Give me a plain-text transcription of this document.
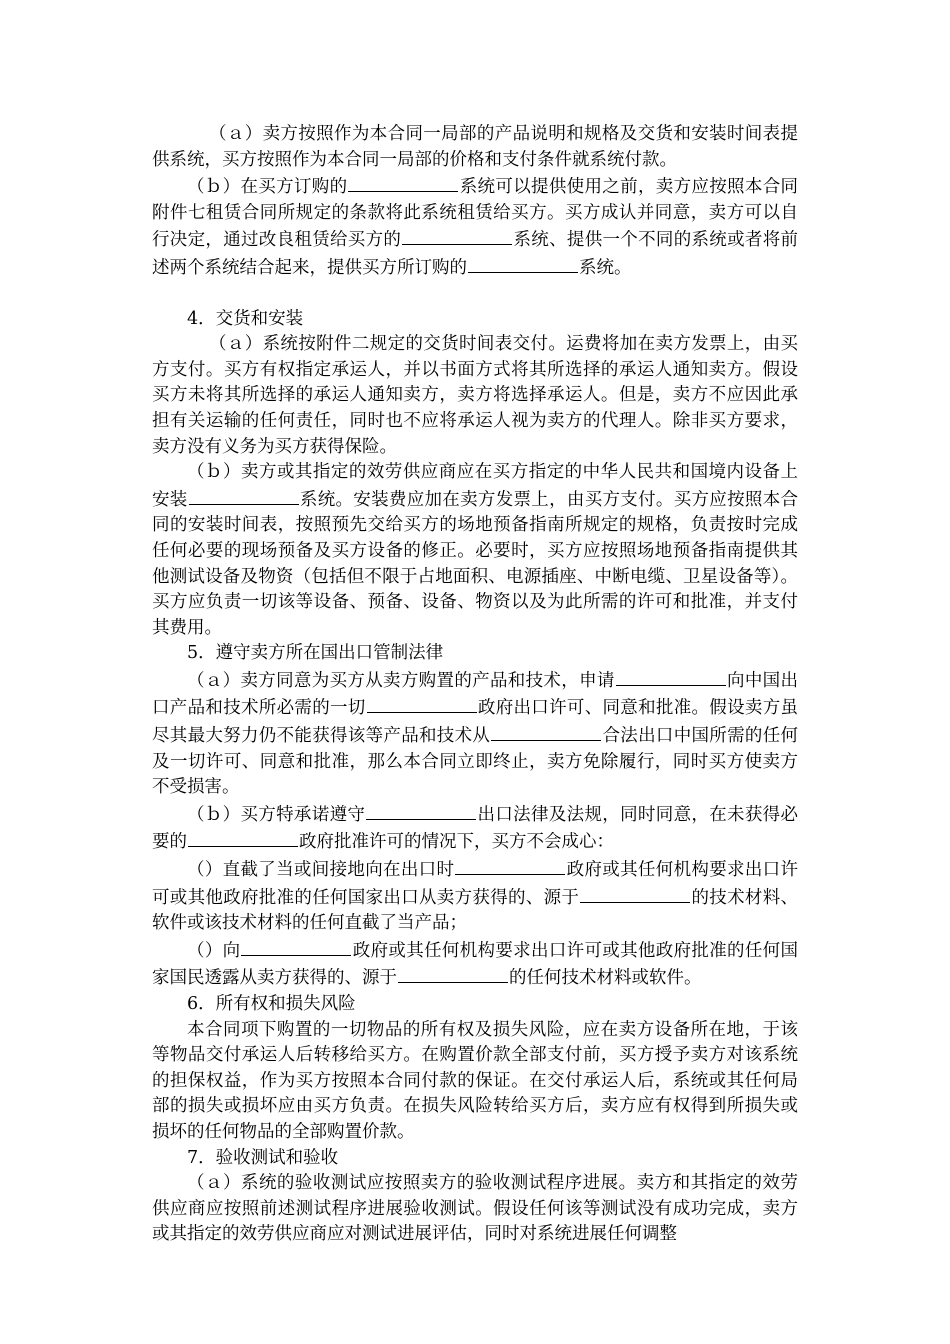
（ａ）卖方按照作为本合同一局部的产品说明和规格及交货和安装时间表提供系统，买方按照作为本合同一局部的价格和支付条件就系统付款。

（ｂ）在买方订购的	系统可以提供使用之前，卖方应按照本合同附件七租赁合同所规定的条款将此系统租赁给买方。买方成认并同意，卖方可以自行决定，通过改良租赁给买方的	系统、提供一个不同的系统或者将前述两个系统结合起来，提供买方所订购的	系统。

4．交货和安装

（ａ）系统按附件二规定的交货时间表交付。运费将加在卖方发票上，由买方支付。买方有权指定承运人，并以书面方式将其所选择的承运人通知卖方。假设买方未将其所选择的承运人通知卖方，卖方将选择承运人。但是，卖方不应因此承担有关运输的任何责任，同时也不应将承运人视为卖方的代理人。除非买方要求，卖方没有义务为买方获得保险。

（ｂ）卖方或其指定的效劳供应商应在买方指定的中华人民共和国境内设备上安装	系统。安装费应加在卖方发票上，由买方支付。买方应按照本合同的安装时间表，按照预先交给买方的场地预备指南所规定的规格，负责按时完成任何必要的现场预备及买方设备的修正。必要时，买方应按照场地预备指南提供其他测试设备及物资（包括但不限于占地面积、电源插座、中断电缆、卫星设备等）。买方应负责一切该等设备、预备、设备、物资以及为此所需的许可和批准，并支付其费用。

5．遵守卖方所在国出口管制法律

（ａ）卖方同意为买方从卖方购置的产品和技术，申请	向中国出口产品和技术所必需的一切	政府出口许可、同意和批准。假设卖方虽尽其最大努力仍不能获得该等产品和技术从	合法出口中国所需的任何及一切许可、同意和批准，那么本合同立即终止，卖方免除履行，同时买方使卖方不受损害。

（ｂ）买方特承诺遵守	出口法律及法规，同时同意，在未获得必要的	政府批准许可的情况下，买方不会成心：

（）直截了当或间接地向在出口时	政府或其任何机构要求出口许可或其他政府批准的任何国家出口从卖方获得的、源于	的技术材料、软件或该技术材料的任何直截了当产品；

（）向	政府或其任何机构要求出口许可或其他政府批准的任何国家国民透露从卖方获得的、源于	的任何技术材料或软件。

6．所有权和损失风险

本合同项下购置的一切物品的所有权及损失风险，应在卖方设备所在地，于该等物品交付承运人后转移给买方。在购置价款全部支付前，买方授予卖方对该系统的担保权益，作为买方按照本合同付款的保证。在交付承运人后，系统或其任何局部的损失或损坏应由买方负责。在损失风险转给买方后，卖方应有权得到所损失或损坏的任何物品的全部购置价款。

7．验收测试和验收

（ａ）系统的验收测试应按照卖方的验收测试程序进展。卖方和其指定的效劳供应商应按照前述测试程序进展验收测试。假设任何该等测试没有成功完成，卖方或其指定的效劳供应商应对测试进展评估，同时对系统进展任何调整
